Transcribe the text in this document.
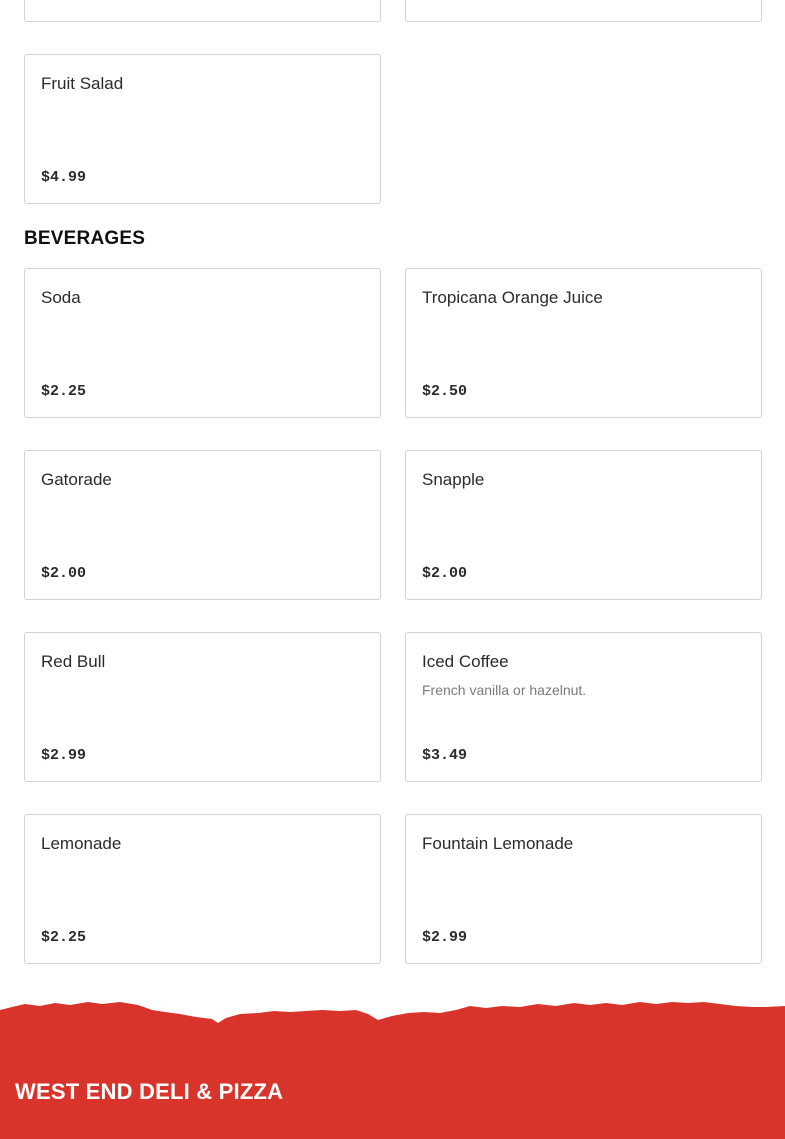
Fruit Salad
$4.99
BEVERAGES
Soda
$2.25
Tropicana Orange Juice
$2.50
Gatorade
$2.00
Snapple
$2.00
Red Bull
$2.99
Iced Coffee
French vanilla or hazelnut.
$3.49
Lemonade
$2.25
Fountain Lemonade
$2.99
WEST END DELI & PIZZA
